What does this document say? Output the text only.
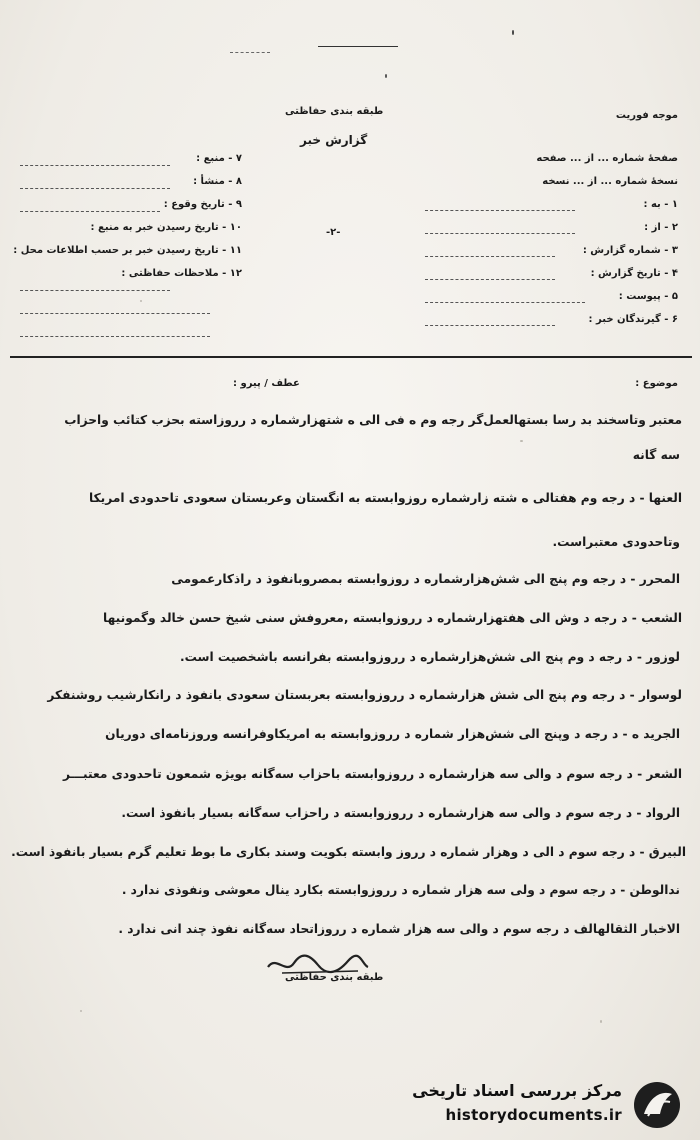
طبقه بندی حفاظتی	موجه فوریت
گزارش خبر
-۲-
صفحهٔ شماره ... از ... صفحه
نسخهٔ شماره ... از ... نسخه
۱ - به :
۲ - از :
۳ - شماره گزارش :
۴ - تاریخ گزارش :
۵ - پیوست :
۶ - گیرندگان خبر :
۷ - منبع :
۸ - منشأ :
۹ - تاریخ وقوع :
۱۰ - تاریخ رسیدن خبر به منبع :
۱۱ - تاریخ رسیدن خبر بر حسب اطلاعات محل :
۱۲ - ملاحظات حفاظتی :
موضوع :
عطف / پیرو :
معتبر وتاسخند بد رسا بستهالعمل‌گر رجه وم ه فی الی ه شتهزارشماره د رروزاسته بحزب کتائب واحزاب
سه گانه
العنها - د رجه وم هفتالی ه شته زارشماره روزوابسته به انگستان وعربستان سعودی تاحدودی امریکا
وتاحدودی معتبراست.
المحرر - د رجه وم پنج الی شش‌هزارشماره د روزوابسته بمصروبانفوذ د راذکارعمومی
الشعب - د رجه د وش الی هفتهزارشماره د رروزوابسته ,معروفش سنی شیخ حسن خالد وگمونیها
لوزور - د رجه د وم پنج الی شش‌هزارشماره د رروزوابسته بفرانسه باشخصیت است.
لوسوار - د رجه وم پنج الی شش هزارشماره د رروزوابسته بعربستان سعودی بانفوذ د رانکارشیب روشنفکر
الجرید ه - د رجه د وپنج الی شش‌هزار شماره د رروزوابسته به امریکاوفرانسه وروزنامه‌ای دوریان
الشعر - د رجه سوم د والی سه هزارشماره د رروزوابسته باحزاب سه‌گانه بویژه شمعون تاحدودی معتبـــر
الرواد - د رجه سوم د والی سه هزارشماره د رروزوابسته د راحزاب سه‌گانه بسیار بانفوذ است.
البیرق - د رجه سوم د الی د وهزار شماره د رروز وابسته بکویت وسند بکاری ما بوط تعلیم گرم بسیار بانفوذ است.
ندالوطن - د رجه سوم د ولی سه هزار شماره د رروزوابسته بکارد ینال معوشی ونفوذی ندارد .
الاخبار الثقالهالف د رجه سوم د والی سه هزار شماره د رروزاتحاد سه‌گانه نفوذ چند انی ندارد .
طبقه بندی حفاظتی
مرکز بررسی اسناد تاریخی
historydocuments.ir
